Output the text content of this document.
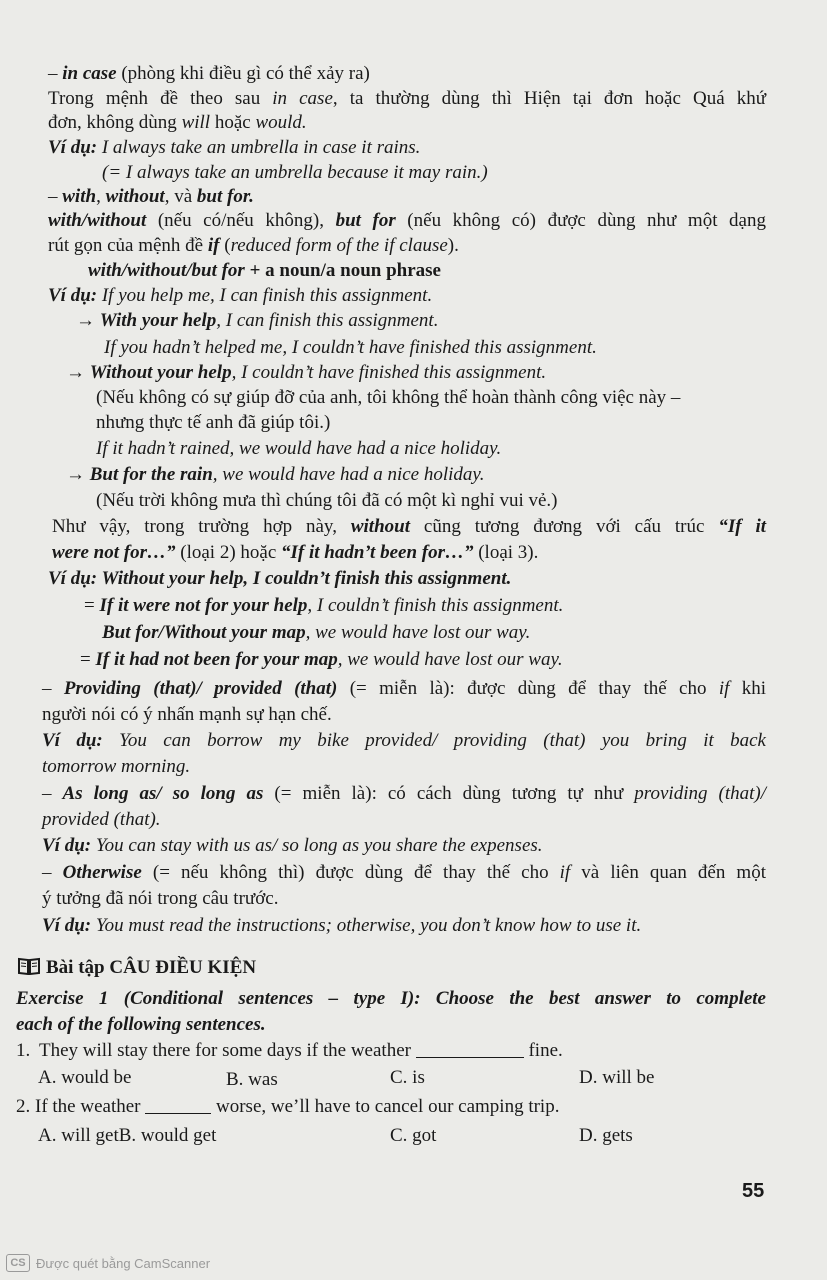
– in case (phòng khi điều gì có thể xảy ra)
Trong mệnh đề theo sau in case, ta thường dùng thì Hiện tại đơn hoặc Quá khứ
đơn, không dùng will hoặc would.
Ví dụ: I always take an umbrella in case it rains.
(= I always take an umbrella because it may rain.)
– with, without, và but for.
with/without (nếu có/nếu không), but for (nếu không có) được dùng như một dạng
rút gọn của mệnh đề if (reduced form of the if clause).
with/without/but for + a noun/a noun phrase
Ví dụ: If you help me, I can finish this assignment.
→ With your help, I can finish this assignment.
If you hadn’t helped me, I couldn’t have finished this assignment.
→ Without your help, I couldn’t have finished this assignment.
(Nếu không có sự giúp đỡ của anh, tôi không thể hoàn thành công việc này –
nhưng thực tế anh đã giúp tôi.)
If it hadn’t rained, we would have had a nice holiday.
→ But for the rain, we would have had a nice holiday.
(Nếu trời không mưa thì chúng tôi đã có một kì nghỉ vui vẻ.)
Như vậy, trong trường hợp này, without cũng tương đương với cấu trúc “If it
were not for…” (loại 2) hoặc “If it hadn’t been for…” (loại 3).
Ví dụ: Without your help, I couldn’t finish this assignment.
= If it were not for your help, I couldn’t finish this assignment.
But for/Without your map, we would have lost our way.
= If it had not been for your map, we would have lost our way.
– Providing (that)/ provided (that) (= miễn là): được dùng để thay thế cho if khi
người nói có ý nhấn mạnh sự hạn chế.
Ví dụ: You can borrow my bike provided/ providing (that) you bring it back
tomorrow morning.
– As long as/ so long as (= miễn là): có cách dùng tương tự như providing (that)/
provided (that).
Ví dụ: You can stay with us as/ so long as you share the expenses.
– Otherwise (= nếu không thì) được dùng để thay thế cho if và liên quan đến một
ý tưởng đã nói trong câu trước.
Ví dụ: You must read the instructions; otherwise, you don’t know how to use it.
Bài tập CÂU ĐIỀU KIỆN
Exercise 1 (Conditional sentences – type I): Choose the best answer to complete
each of the following sentences.
1. They will stay there for some days if the weather	fine.
A. would be	B. was	C. is	D. will be
2. If the weather	worse, we’ll have to cancel our camping trip.
A. will getB. would get	C. got	D. gets
55
CS Được quét bằng CamScanner
